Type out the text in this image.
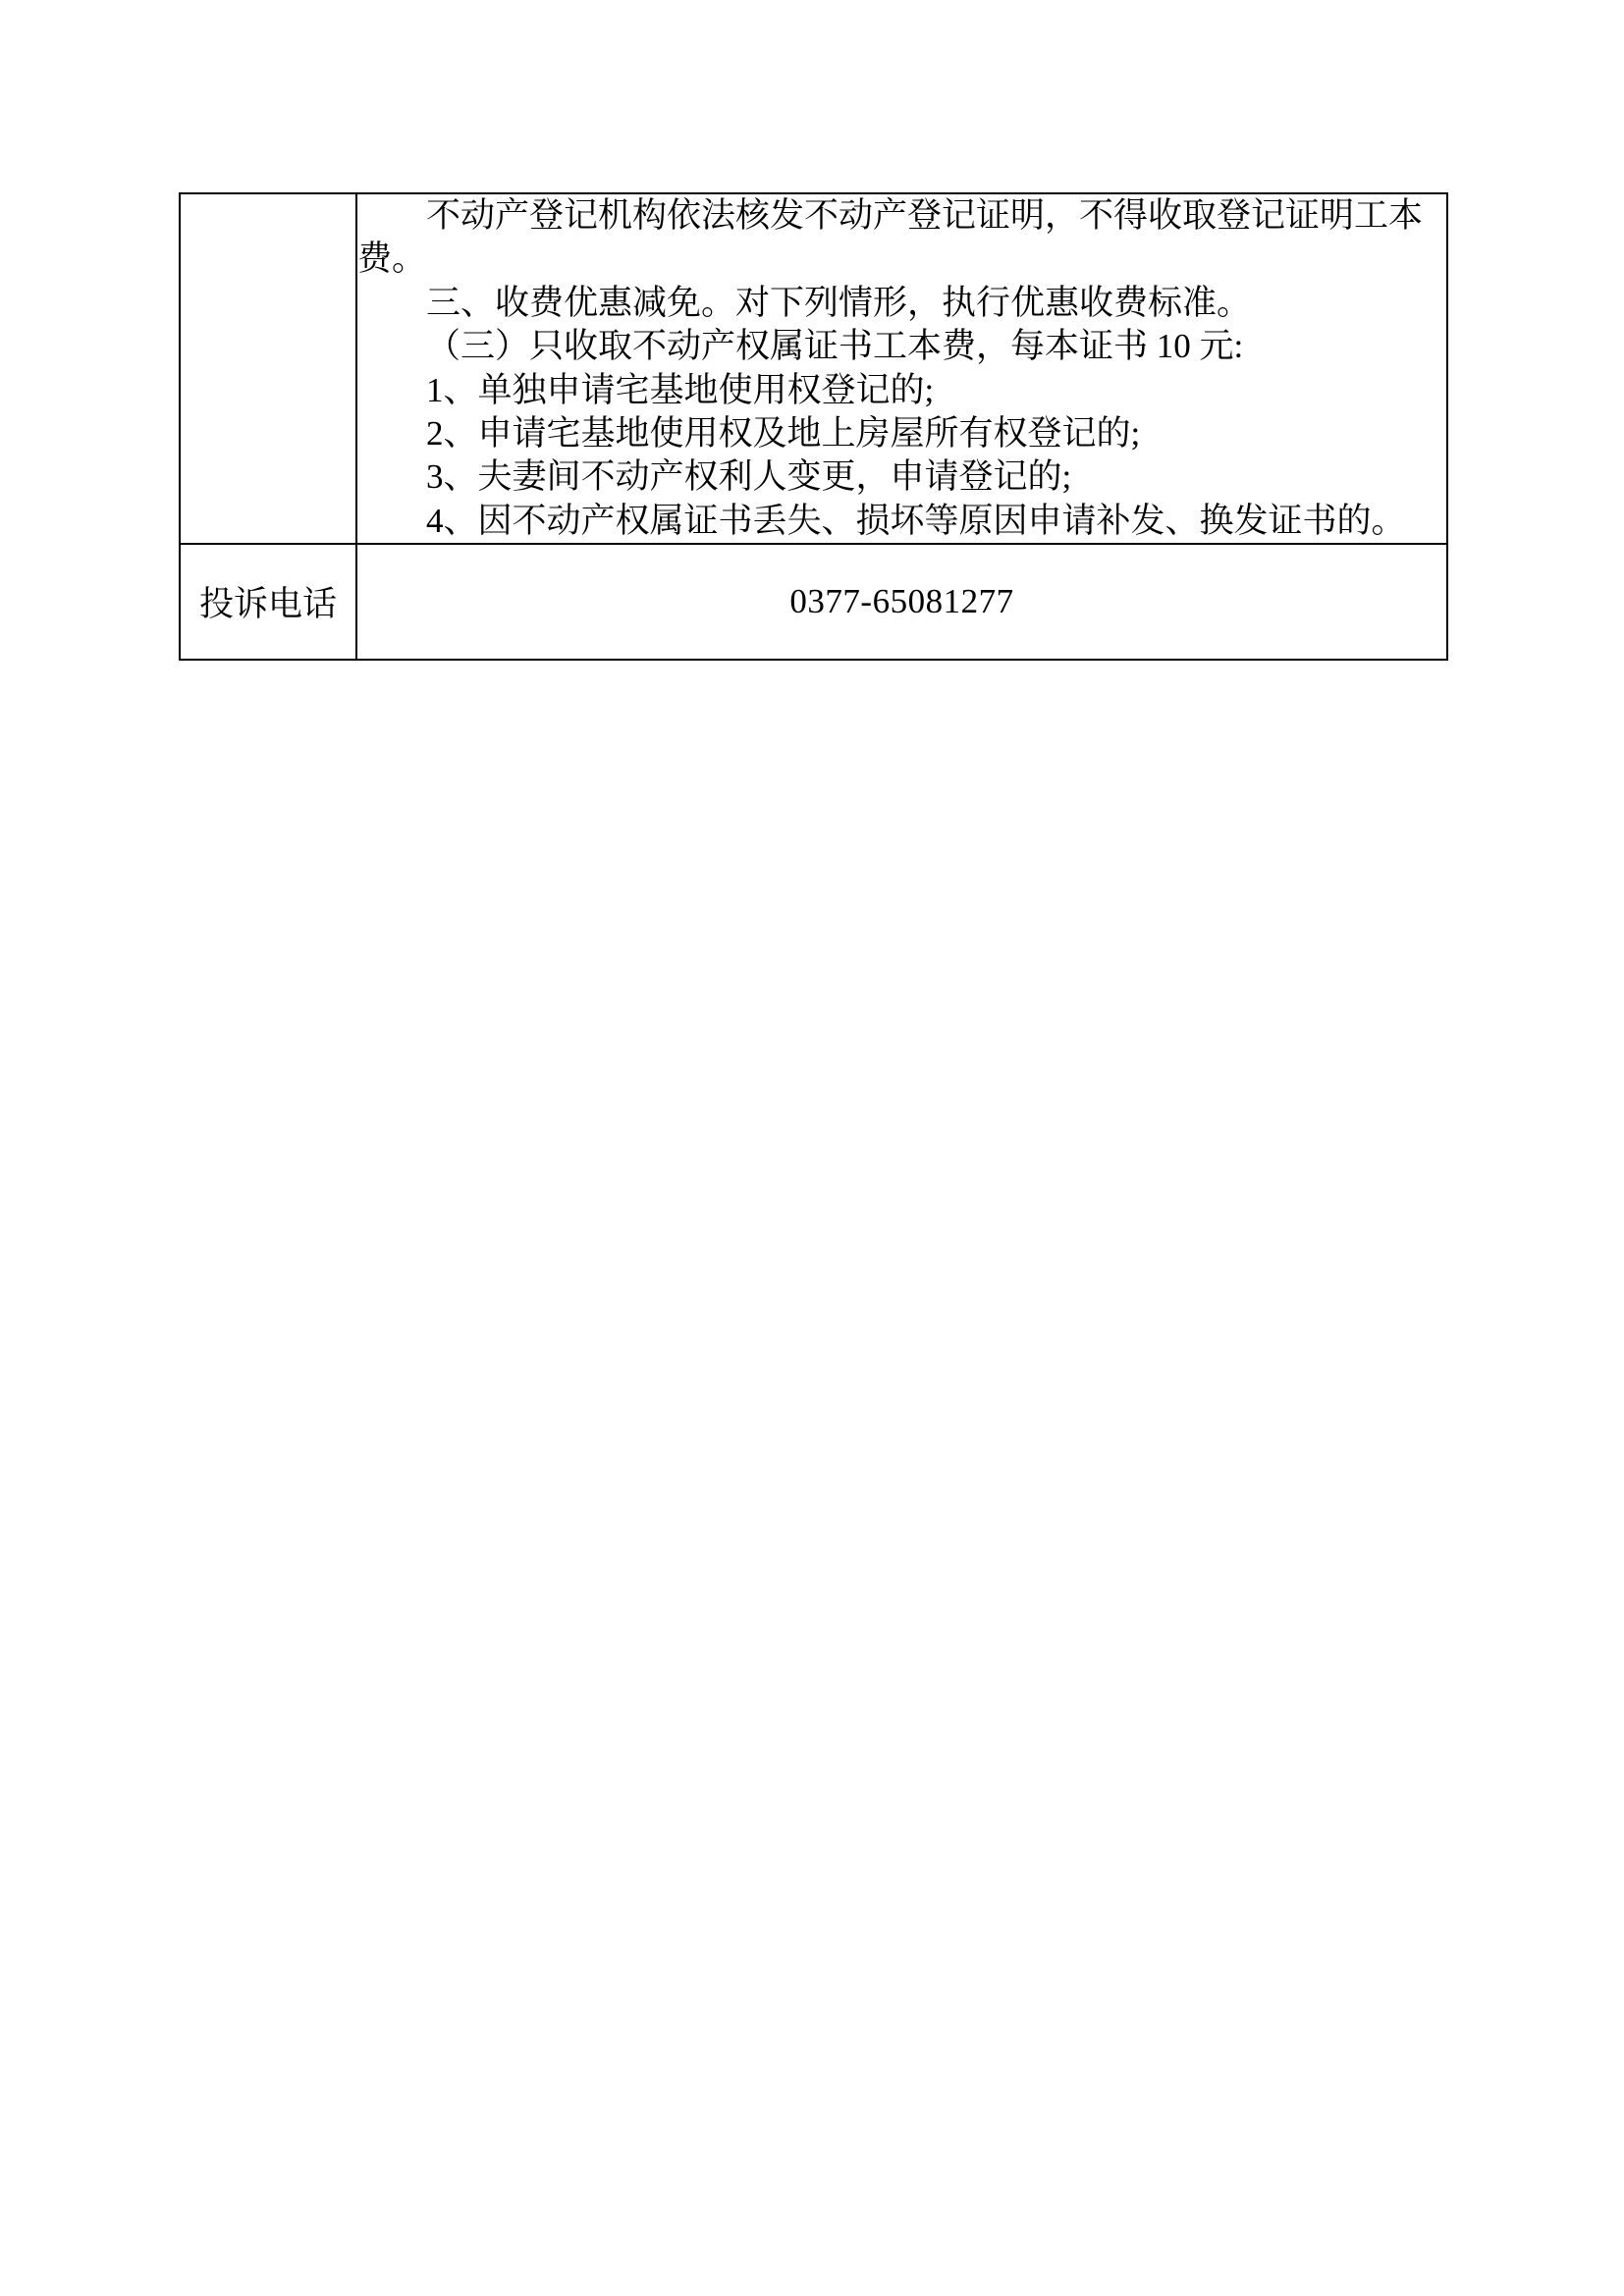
不动产登记机构依法核发不动产登记证明，不得收取登记证明工本
费。
三、收费优惠减免。对下列情形，执行优惠收费标准。
（三）只收取不动产权属证书工本费，每本证书 10 元:
1、单独申请宅基地使用权登记的;
2、申请宅基地使用权及地上房屋所有权登记的;
3、夫妻间不动产权利人变更，申请登记的;
4、因不动产权属证书丢失、损坏等原因申请补发、换发证书的。

投诉电话	0377-65081277
